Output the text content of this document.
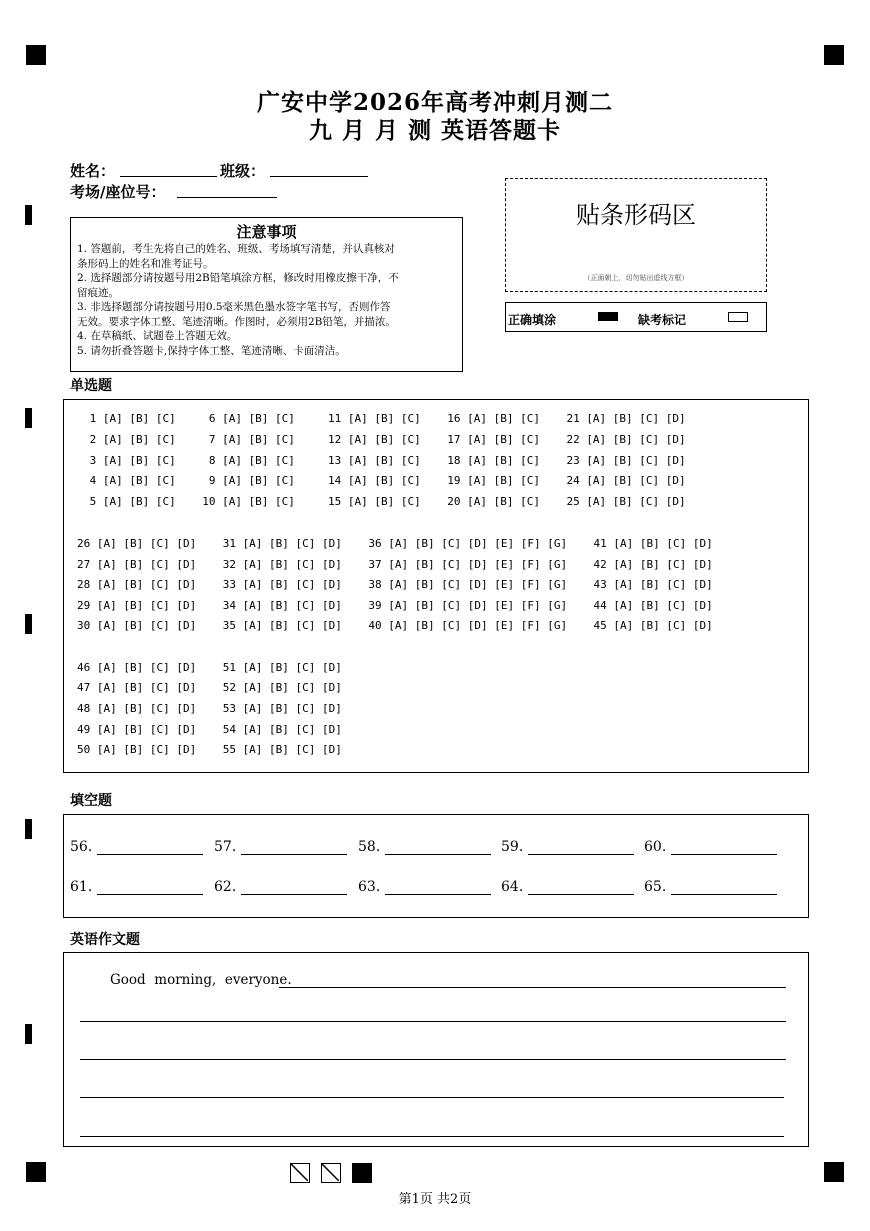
广安中学2026年高考冲刺月测二
九 月 月 测 英语答题卡
姓名：	班级：
考场/座位号：
注意事项
1. 答题前，考生先将自己的姓名、班级、考场填写清楚，并认真核对
条形码上的姓名和准考证号。
2. 选择题部分请按题号用2B铅笔填涂方框，修改时用橡皮擦干净，不
留痕迹。
3. 非选择题部分请按题号用0.5毫米黑色墨水签字笔书写，否则作答
无效。要求字体工整、笔迹清晰。作图时，必须用2B铅笔，并描浓。
4. 在草稿纸、试题卷上答题无效。
5. 请勿折叠答题卡,保持字体工整、笔迹清晰、卡面清洁。
贴条形码区
（正面朝上，切勿贴出虚线方框）
正确填涂	缺考标记
单选题
1 [A] [B] [C]     6 [A] [B] [C]     11 [A] [B] [C]    16 [A] [B] [C]    21 [A] [B] [C] [D]
2 [A] [B] [C]     7 [A] [B] [C]     12 [A] [B] [C]    17 [A] [B] [C]    22 [A] [B] [C] [D]
3 [A] [B] [C]     8 [A] [B] [C]     13 [A] [B] [C]    18 [A] [B] [C]    23 [A] [B] [C] [D]
4 [A] [B] [C]     9 [A] [B] [C]     14 [A] [B] [C]    19 [A] [B] [C]    24 [A] [B] [C] [D]
5 [A] [B] [C]    10 [A] [B] [C]     15 [A] [B] [C]    20 [A] [B] [C]    25 [A] [B] [C] [D]
26 [A] [B] [C] [D]    31 [A] [B] [C] [D]    36 [A] [B] [C] [D] [E] [F] [G]    41 [A] [B] [C] [D]
27 [A] [B] [C] [D]    32 [A] [B] [C] [D]    37 [A] [B] [C] [D] [E] [F] [G]    42 [A] [B] [C] [D]
28 [A] [B] [C] [D]    33 [A] [B] [C] [D]    38 [A] [B] [C] [D] [E] [F] [G]    43 [A] [B] [C] [D]
29 [A] [B] [C] [D]    34 [A] [B] [C] [D]    39 [A] [B] [C] [D] [E] [F] [G]    44 [A] [B] [C] [D]
30 [A] [B] [C] [D]    35 [A] [B] [C] [D]    40 [A] [B] [C] [D] [E] [F] [G]    45 [A] [B] [C] [D]
46 [A] [B] [C] [D]    51 [A] [B] [C] [D]
47 [A] [B] [C] [D]    52 [A] [B] [C] [D]
48 [A] [B] [C] [D]    53 [A] [B] [C] [D]
49 [A] [B] [C] [D]    54 [A] [B] [C] [D]
50 [A] [B] [C] [D]    55 [A] [B] [C] [D]
填空题
56.	57.	58.	59.	60.
61.	62.	63.	64.	65.
英语作文题
Good  morning,  everyone.
第1页 共2页
